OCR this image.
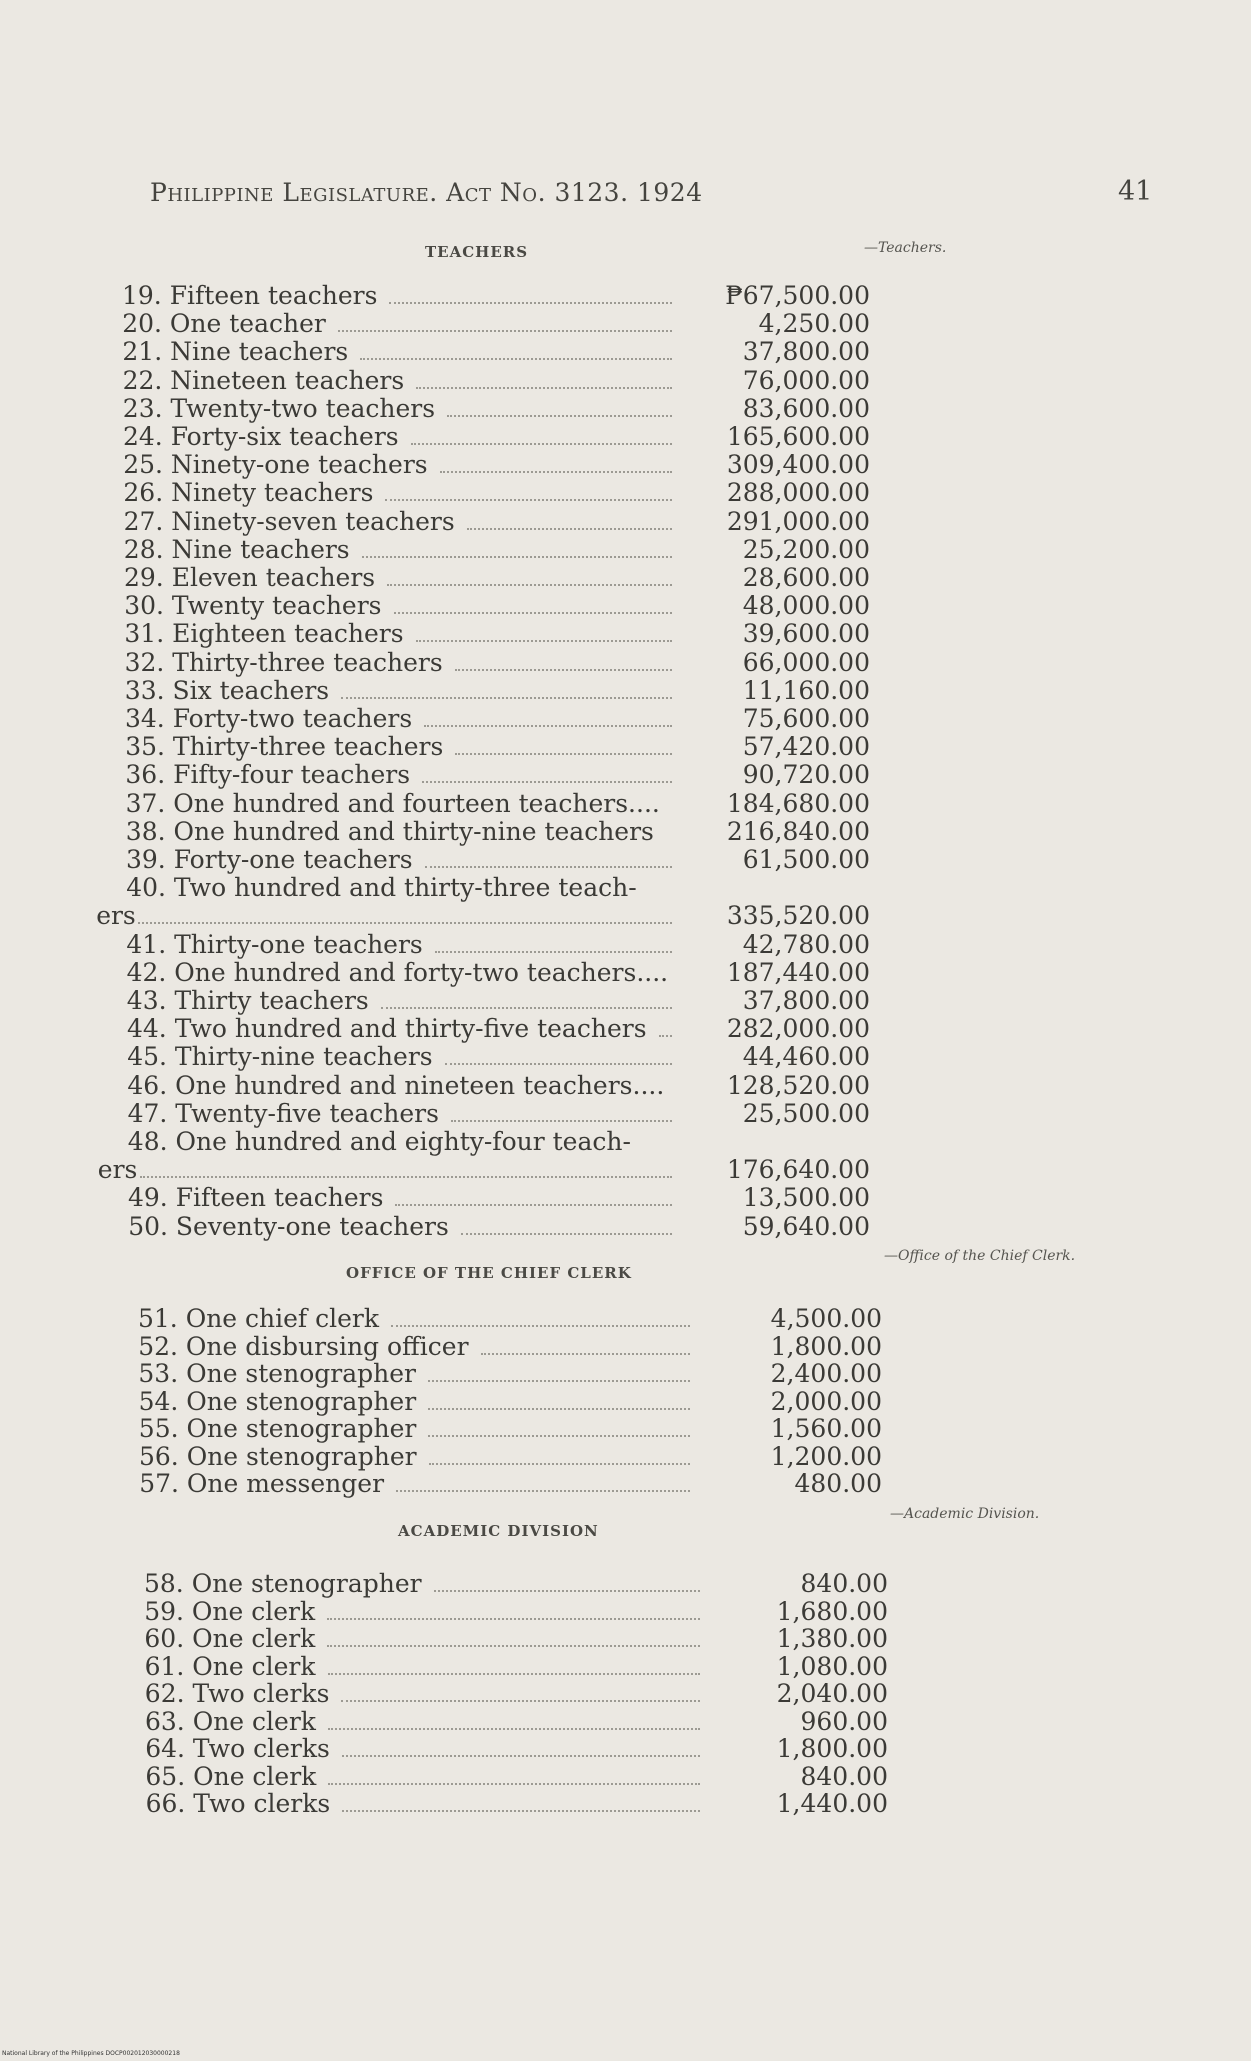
Philippine Legislature. Act No. 3123. 1924	41
TEACHERS	—Teachers.
19. Fifteen teachers	₱67,500.00
20. One teacher	4,250.00
21. Nine teachers	37,800.00
22. Nineteen teachers	76,000.00
23. Twenty-two teachers	83,600.00
24. Forty-six teachers	165,600.00
25. Ninety-one teachers	309,400.00
26. Ninety teachers	288,000.00
27. Ninety-seven teachers	291,000.00
28. Nine teachers	25,200.00
29. Eleven teachers	28,600.00
30. Twenty teachers	48,000.00
31. Eighteen teachers	39,600.00
32. Thirty-three teachers	66,000.00
33. Six teachers	11,160.00
34. Forty-two teachers	75,600.00
35. Thirty-three teachers	57,420.00
36. Fifty-four teachers	90,720.00
37. One hundred and fourteen teachers....	184,680.00
38. One hundred and thirty-nine teachers	216,840.00
39. Forty-one teachers	61,500.00
40. Two hundred and thirty-three teach-
ers	335,520.00
41. Thirty-one teachers	42,780.00
42. One hundred and forty-two teachers....	187,440.00
43. Thirty teachers	37,800.00
44. Two hundred and thirty-five teachers	282,000.00
45. Thirty-nine teachers	44,460.00
46. One hundred and nineteen teachers....	128,520.00
47. Twenty-five teachers	25,500.00
48. One hundred and eighty-four teach-
ers	176,640.00
49. Fifteen teachers	13,500.00
50. Seventy-one teachers	59,640.00
OFFICE OF THE CHIEF CLERK
—Office of the Chief Clerk.
51. One chief clerk	4,500.00
52. One disbursing officer	1,800.00
53. One stenographer	2,400.00
54. One stenographer	2,000.00
55. One stenographer	1,560.00
56. One stenographer	1,200.00
57. One messenger	480.00
ACADEMIC DIVISION
—Academic Division.
58. One stenographer	840.00
59. One clerk	1,680.00
60. One clerk	1,380.00
61. One clerk	1,080.00
62. Two clerks	2,040.00
63. One clerk	960.00
64. Two clerks	1,800.00
65. One clerk	840.00
66. Two clerks	1,440.00
National Library of the Philippines DOCP002012030000218
